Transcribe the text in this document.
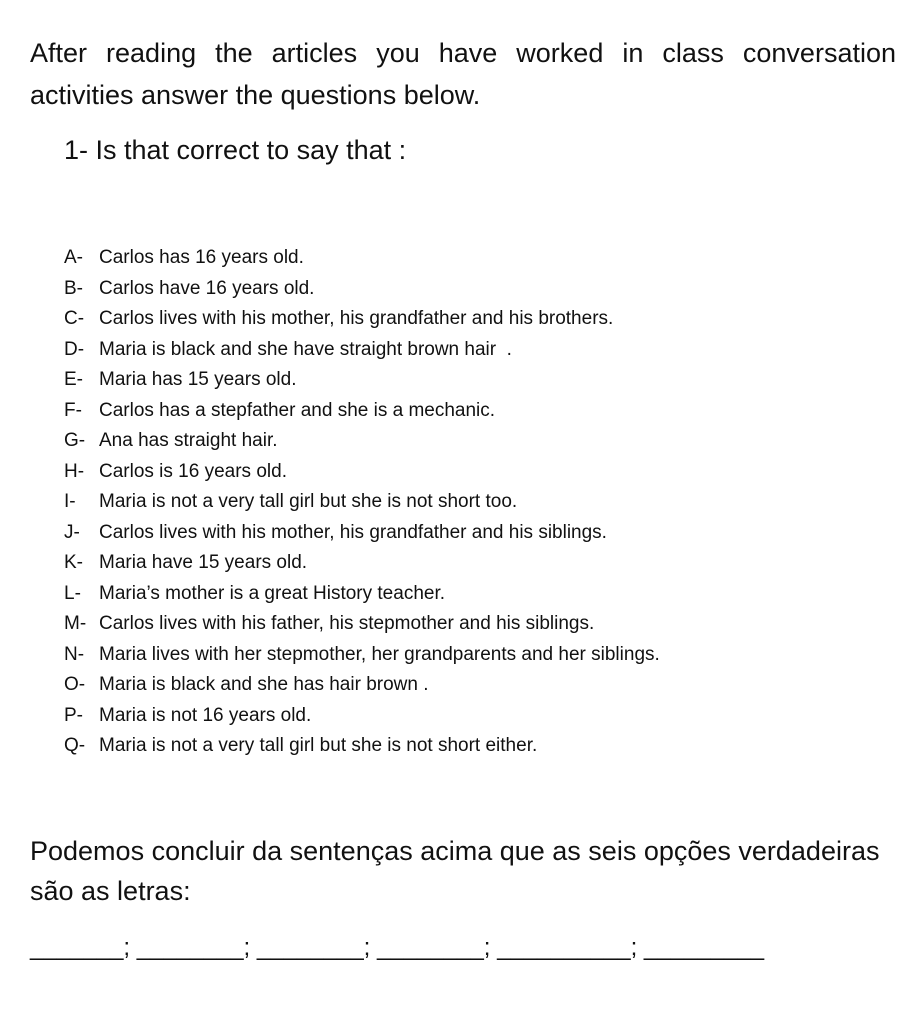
After reading the articles you have worked in class conversation activities answer the questions below.
1- Is that correct to say that :
A- Carlos has 16 years old.
B- Carlos have 16 years old.
C- Carlos lives with his mother, his grandfather and his brothers.
D- Maria is black and she have straight brown hair  .
E- Maria has 15 years old.
F- Carlos has a stepfather and she is a mechanic.
G- Ana has straight hair.
H- Carlos is 16 years old.
I- Maria is not a very tall girl but she is not short too.
J- Carlos lives with his mother, his grandfather and his siblings.
K- Maria have 15 years old.
L- Maria’s mother is a great History teacher.
M- Carlos lives with his father, his stepmother and his siblings.
N- Maria lives with her stepmother, her grandparents and her siblings.
O- Maria is black and she has hair brown .
P- Maria is not 16 years old.
Q- Maria is not a very tall girl but she is not short either.
Podemos concluir da sentenças acima que as seis opções verdadeiras são as letras:
_______; ________; ________; ________; __________; _________
